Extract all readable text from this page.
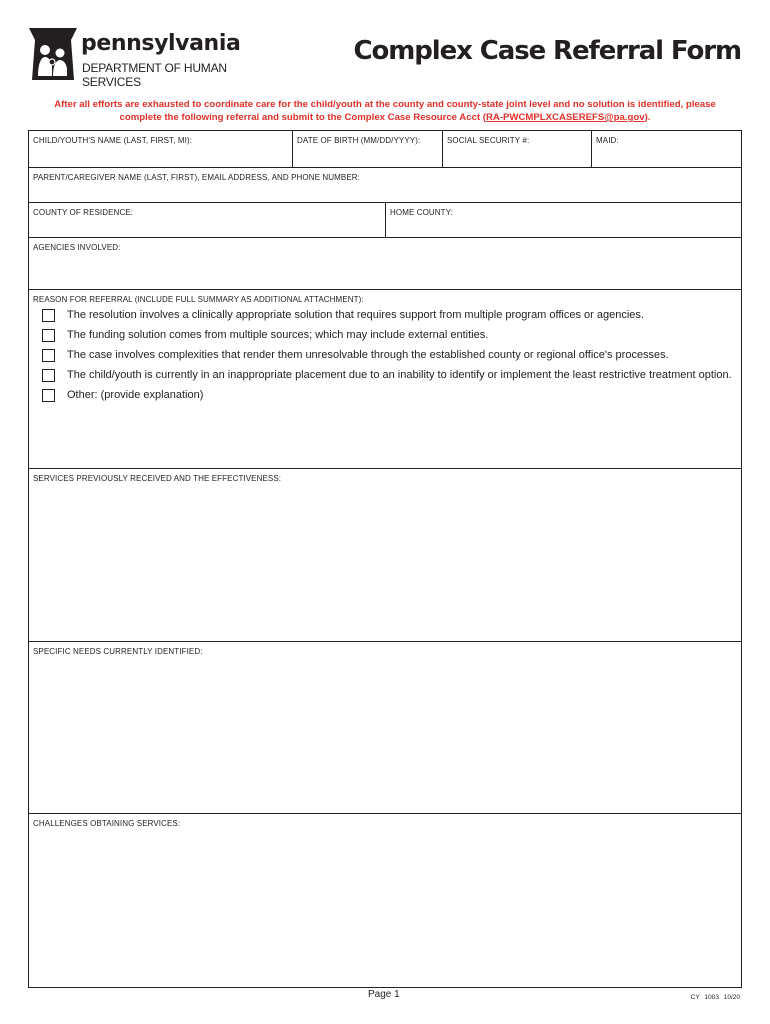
pennsylvania
DEPARTMENT OF HUMAN SERVICES
Complex Case Referral Form
After all efforts are exhausted to coordinate care for the child/youth at the county and county-state joint level and no solution is identified, please
complete the following referral and submit to the Complex Case Resource Acct (RA-PWCMPLXCASEREFS@pa.gov).
CHILD/YOUTH'S NAME (LAST, FIRST, MI):	DATE OF BIRTH (MM/DD/YYYY):	SOCIAL SECURITY #:	MAID:
PARENT/CAREGIVER NAME (LAST, FIRST), EMAIL ADDRESS, AND PHONE NUMBER:
COUNTY OF RESIDENCE:	HOME COUNTY:
AGENCIES INVOLVED:
REASON FOR REFERRAL (INCLUDE FULL SUMMARY AS ADDITIONAL ATTACHMENT):
SERVICES PREVIOUSLY RECEIVED AND THE EFFECTIVENESS:
SPECIFIC NEEDS CURRENTLY IDENTIFIED:
CHALLENGES OBTAINING SERVICES:
The resolution involves a clinically appropriate solution that requires support from multiple program offices or agencies.
The funding solution comes from multiple sources; which may include external entities.
The case involves complexities that render them unresolvable through the established county or regional office's processes.
The child/youth is currently in an inappropriate placement due to an inability to identify or implement the least restrictive treatment option.
Other: (provide explanation)
Page 1	CY 1003 10/20
